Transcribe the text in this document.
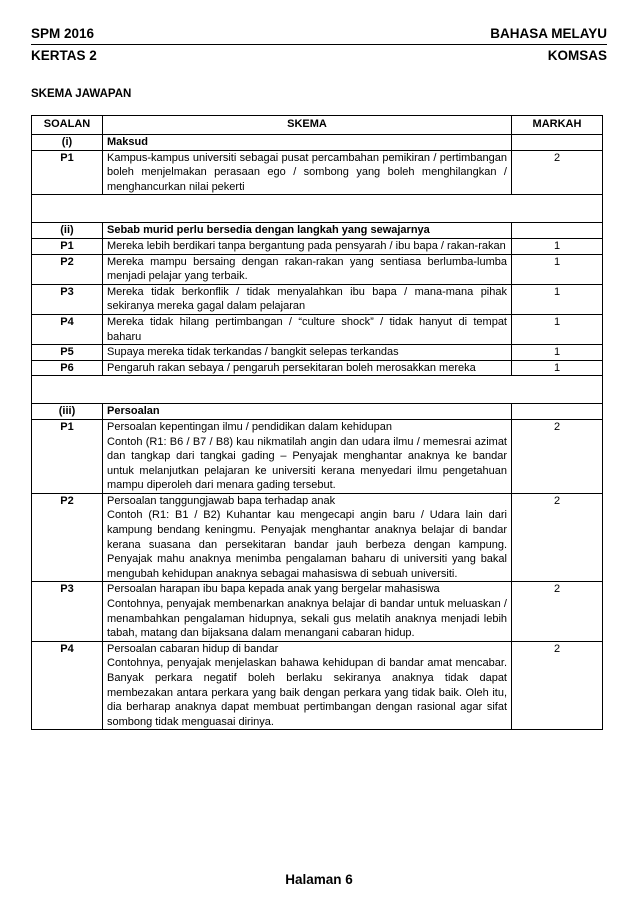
SPM 2016	BAHASA MELAYU
KERTAS 2	KOMSAS
SKEMA JAWAPAN
SOALAN	SKEMA	MARKAH
(i)	Maksud	
P1	Kampus-kampus universiti sebagai pusat percambahan pemikiran / pertimbangan boleh menjelmakan perasaan ego / sombong yang boleh menghilangkan / menghancurkan nilai pekerti	2

(ii)	Sebab murid perlu bersedia dengan langkah yang sewajarnya	
P1	Mereka lebih berdikari tanpa bergantung pada pensyarah / ibu bapa / rakan-rakan	1
P2	Mereka mampu bersaing dengan rakan-rakan yang sentiasa berlumba-lumba menjadi pelajar yang terbaik.	1
P3	Mereka tidak berkonflik / tidak menyalahkan ibu bapa / mana-mana pihak sekiranya mereka gagal dalam pelajaran	1
P4	Mereka tidak hilang pertimbangan / “culture shock” / tidak hanyut di tempat baharu	1
P5	Supaya mereka tidak terkandas / bangkit selepas terkandas	1
P6	Pengaruh rakan sebaya / pengaruh persekitaran boleh merosakkan mereka	1

(iii)	Persoalan	
P1	Persoalan kepentingan ilmu / pendidikan dalam kehidupan
Contoh (R1: B6 / B7 / B8) kau nikmatilah angin dan udara ilmu / memesrai azimat dan tangkap dari tangkai gading – Penyajak menghantar anaknya ke bandar untuk melanjutkan pelajaran ke universiti kerana menyedari ilmu pengetahuan mampu diperoleh dari menara gading tersebut.	2
P2	Persoalan tanggungjawab bapa terhadap anak
Contoh (R1: B1 / B2) Kuhantar kau mengecapi angin baru / Udara lain dari kampung bendang keningmu. Penyajak menghantar anaknya belajar di bandar kerana suasana dan persekitaran bandar jauh berbeza dengan kampung. Penyajak mahu anaknya menimba pengalaman baharu di universiti yang bakal mengubah kehidupan anaknya sebagai mahasiswa di sebuah universiti.	2
P3	Persoalan harapan ibu bapa kepada anak yang bergelar mahasiswa
Contohnya, penyajak membenarkan anaknya belajar di bandar untuk meluaskan / menambahkan pengalaman hidupnya, sekali gus melatih anaknya menjadi lebih tabah, matang dan bijaksana dalam menangani cabaran hidup.	2
P4	Persoalan cabaran hidup di bandar
Contohnya, penyajak menjelaskan bahawa kehidupan di bandar amat mencabar. Banyak perkara negatif boleh berlaku sekiranya anaknya tidak dapat membezakan antara perkara yang baik dengan perkara yang tidak baik. Oleh itu, dia berharap anaknya dapat membuat pertimbangan dengan rasional agar sifat sombong tidak menguasai dirinya.	2
Halaman 6
